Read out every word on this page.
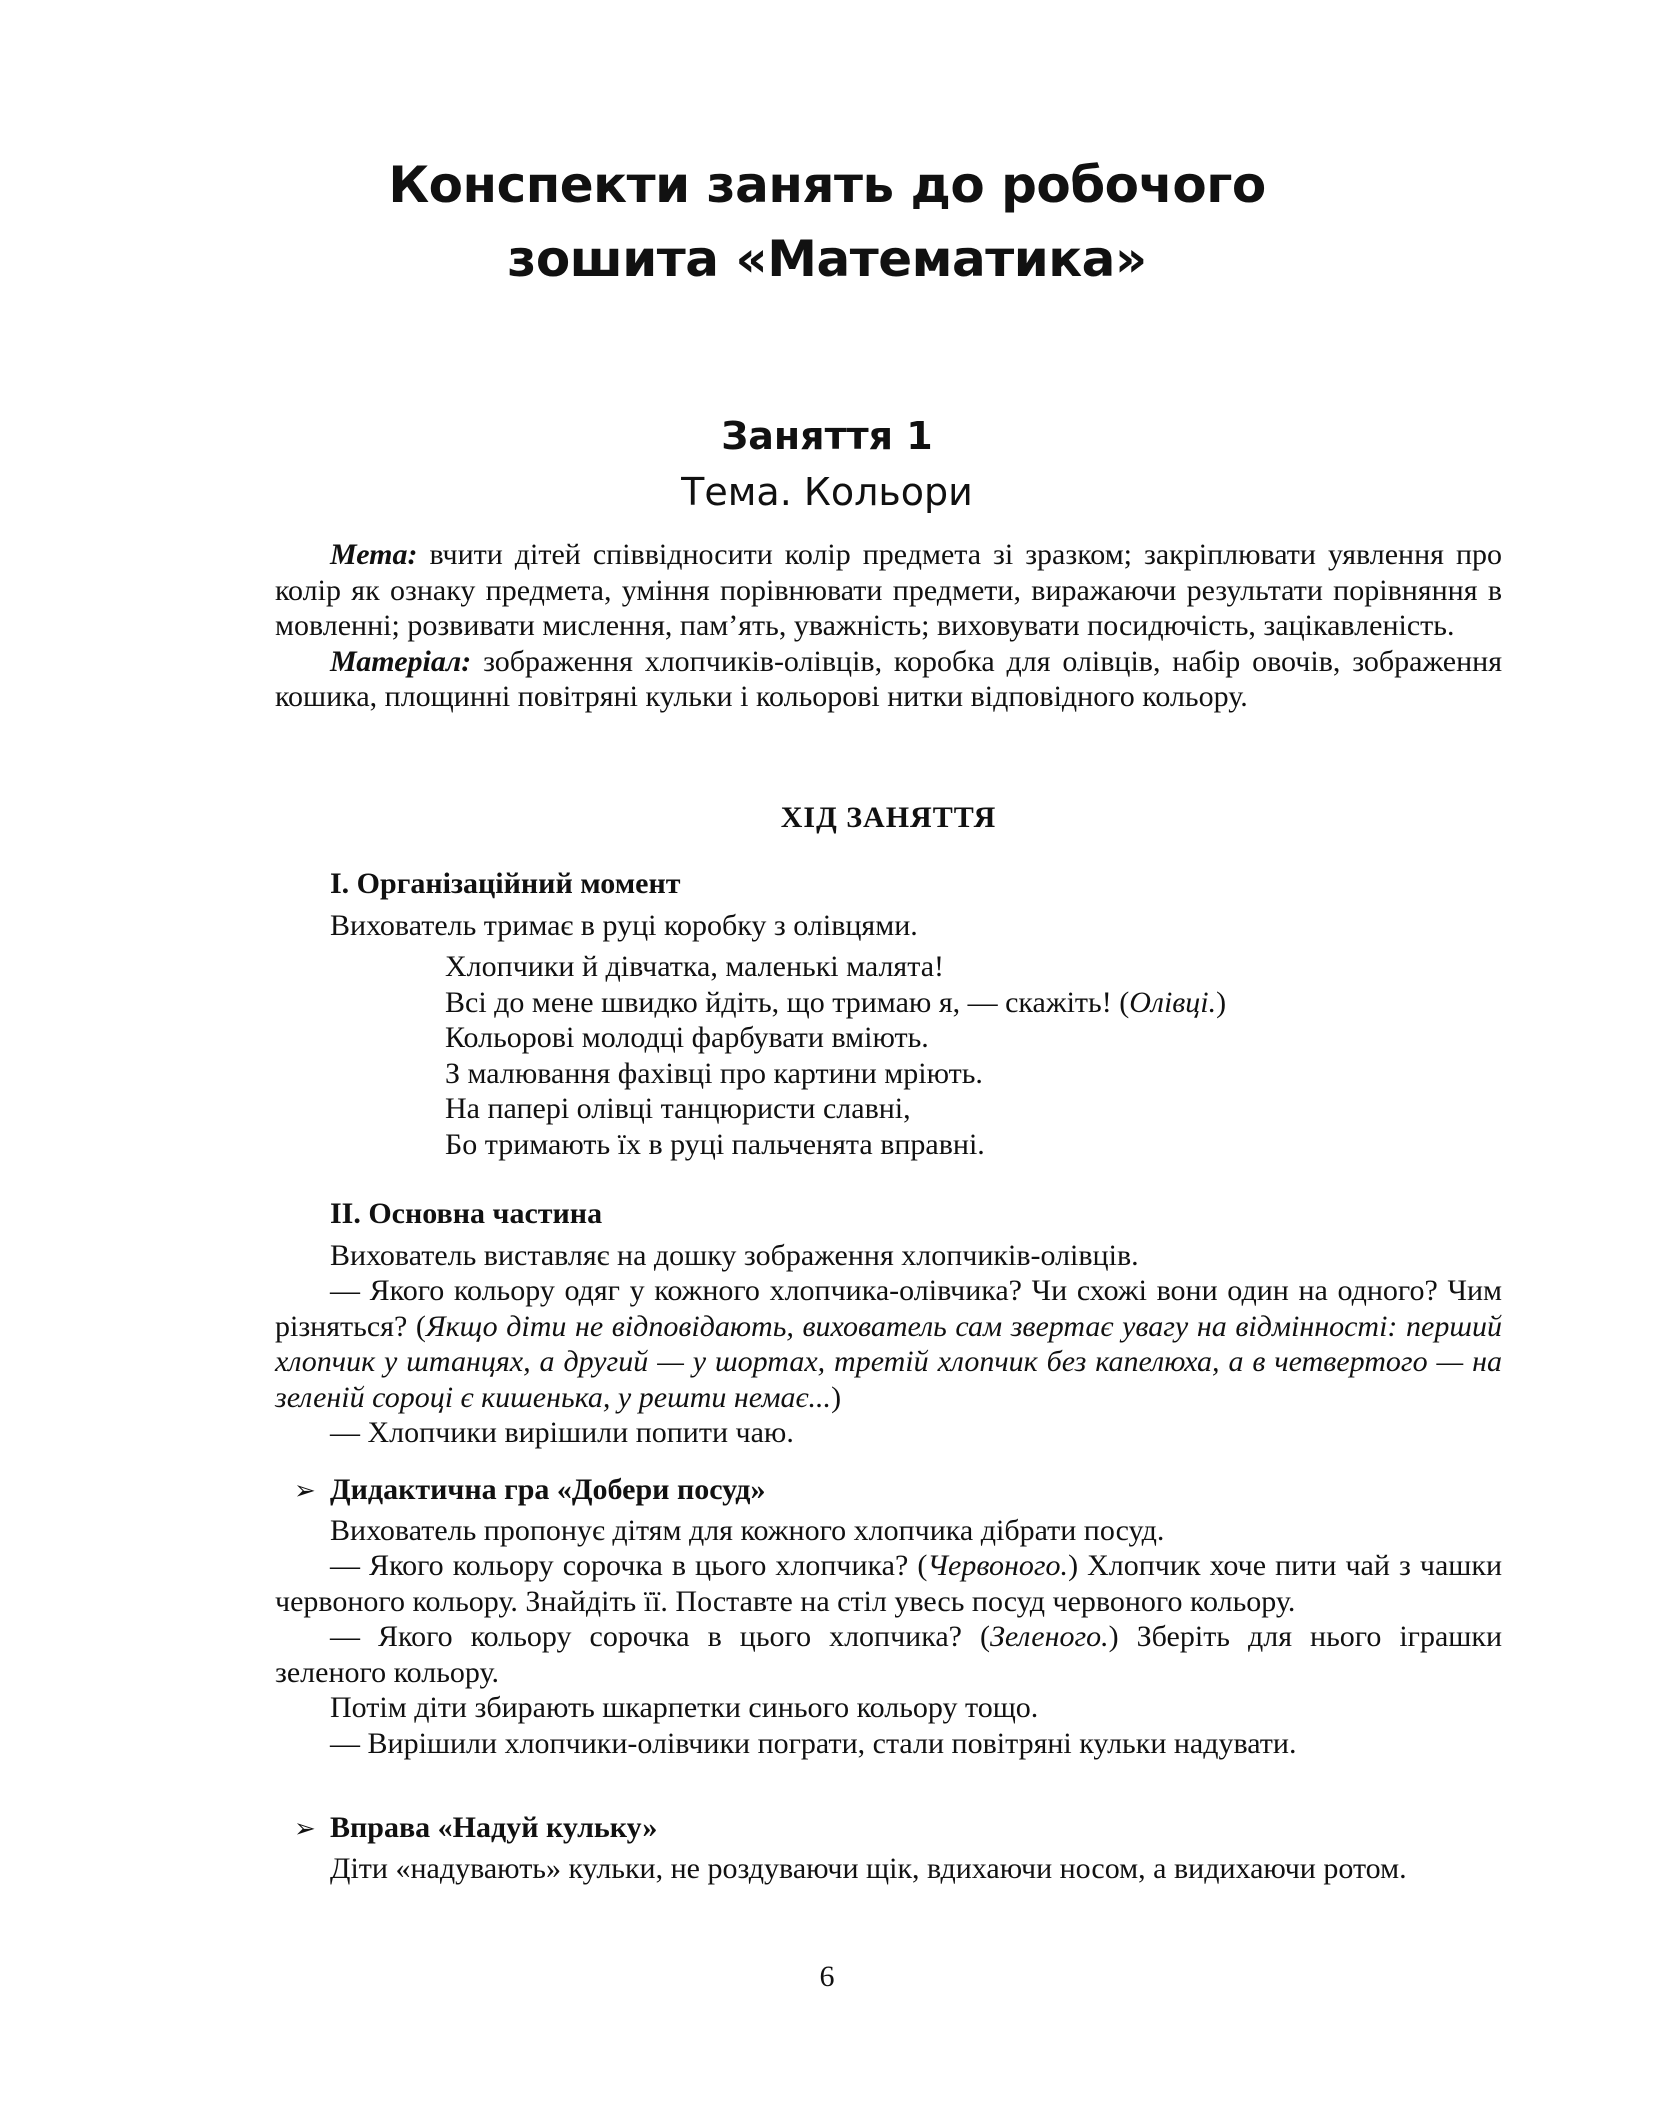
Конспекти занять до робочого
зошита «Математика»
Заняття 1
Тема. Кольори

Мета: вчити дітей співвідносити колір предмета зі зразком; закріплювати уявлення про колір як ознаку предмета, уміння порівнювати предмети, виражаючи результати порівняння в мовленні; розвивати мислення, пам’ять, уважність; виховувати посидючість, зацікавленість.

Матеріал: зображення хлопчиків-олівців, коробка для олівців, набір овочів, зображення кошика, площинні повітряні кульки і кольорові нитки відповідного кольору.

ХІД ЗАНЯТТЯ

І. Організаційний момент

Вихователь тримає в руці коробку з олівцями.

Хлопчики й дівчатка, маленькі малята!

Всі до мене швидко йдіть, що тримаю я, — скажіть! (Олівці.)

Кольорові молодці фарбувати вміють.

З малювання фахівці про картини мріють.

На папері олівці танцюристи славні,

Бо тримають їх в руці пальченята вправні.

ІІ. Основна частина

Вихователь виставляє на дошку зображення хлопчиків-олівців.

— Якого кольору одяг у кожного хлопчика-олівчика? Чи схожі вони один на одного? Чим різняться? (Якщо діти не відповідають, вихователь сам звертає увагу на відмінності: перший хлопчик у штанцях, а другий — у шортах, третій хлопчик без капелюха, а в четвертого — на зеленій сороці є кишенька, у решти немає...)

— Хлопчики вирішили попити чаю.

➢ Дидактична гра «Добери посуд»

Вихователь пропонує дітям для кожного хлопчика дібрати посуд.

— Якого кольору сорочка в цього хлопчика? (Червоного.) Хлопчик хоче пити чай з чашки червоного кольору. Знайдіть її. Поставте на стіл увесь посуд червоного кольору.

— Якого кольору сорочка в цього хлопчика? (Зеленого.) Зберіть для нього іграшки зеленого кольору.

Потім діти збирають шкарпетки синього кольору тощо.

— Вирішили хлопчики-олівчики пограти, стали повітряні кульки надувати.

➢ Вправа «Надуй кульку»

Діти «надувають» кульки, не роздуваючи щік, вдихаючи носом, а видихаючи ротом.

6
